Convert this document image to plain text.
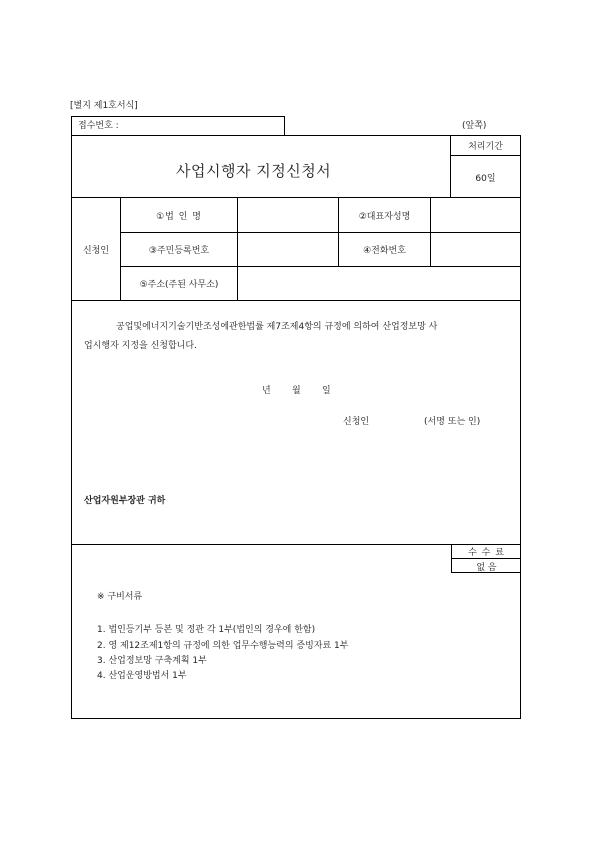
[별지 제1호서식]
접수번호 :	(앞쪽)
사업시행자 지정신청서
처리기간
60일
신청인
①법 인 명	②대표자성명
③주민등록번호	④전화번호
⑤주소(주된 사무소)
공업및에너지기술기반조성에관한법률 제7조제4항의 규정에 의하여 산업정보망 사
업시행자 지정을 신청합니다.
년 월 일
신청인	(서명 또는 인)
산업자원부장관 귀하
수 수 료
없 음
※ 구비서류
1. 법인등기부 등본 및 정관 각 1부(법인의 경우에 한함)
2. 영 제12조제1항의 규정에 의한 업무수행능력의 증빙자료 1부
3. 산업정보망 구축계획 1부
4. 산업운영방법서 1부
